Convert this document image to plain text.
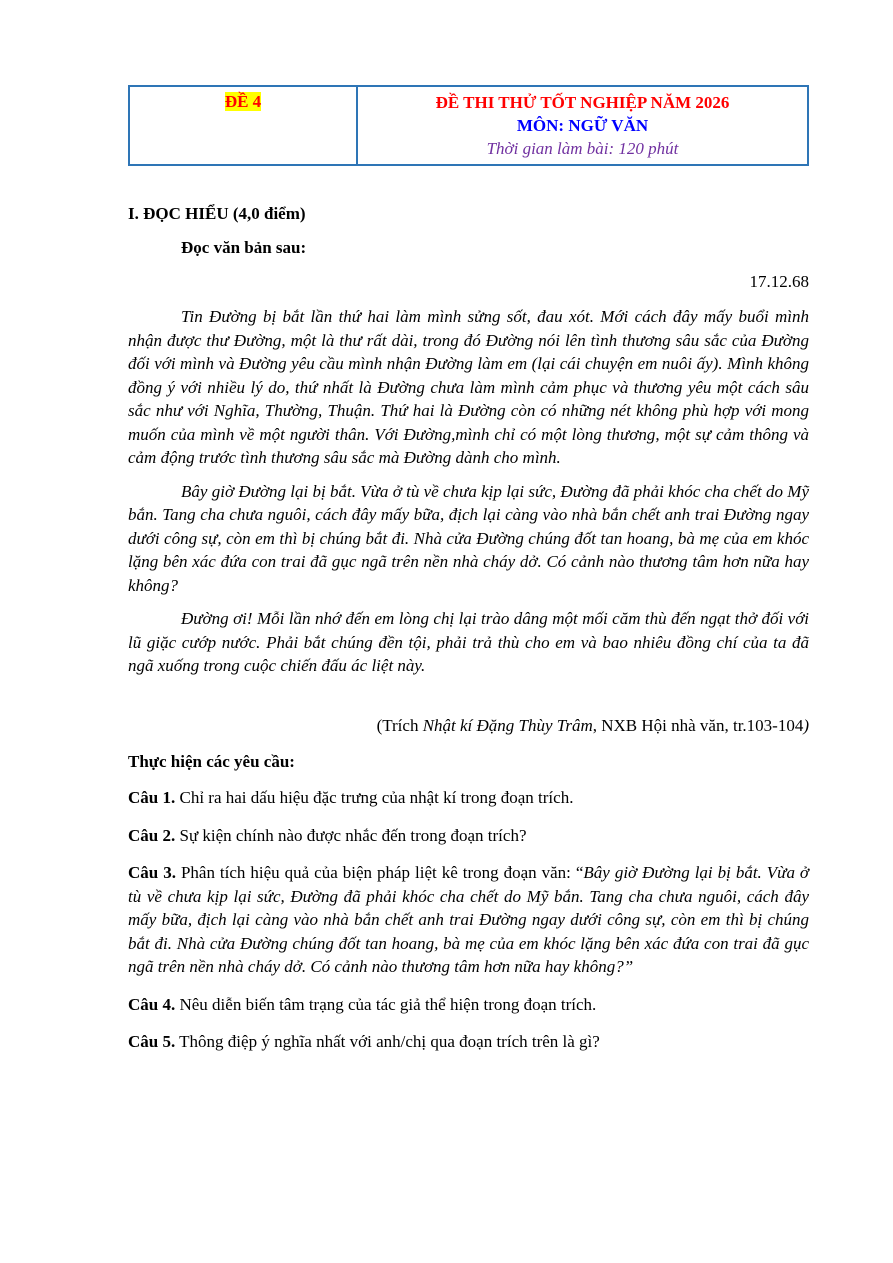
ĐỀ 4	ĐỀ THI THỬ TỐT NGHIỆP NĂM 2026
MÔN: NGỮ VĂN
Thời gian làm bài: 120 phút
I. ĐỌC HIỂU (4,0 điểm)
Đọc văn bản sau:
17.12.68

Tin Đường bị bắt lần thứ hai làm mình sửng sốt, đau xót. Mới cách đây mấy buổi mình nhận được thư Đường, một là thư rất dài, trong đó Đường nói lên tình thương sâu sắc của Đường đối với mình và Đường yêu cầu mình nhận Đường làm em (lại cái chuyện em nuôi ấy). Mình không đồng ý với nhiều lý do, thứ nhất là Đường chưa làm mình cảm phục và thương yêu một cách sâu sắc như với Nghĩa, Thường, Thuận. Thứ hai là Đường còn có những nét không phù hợp với mong muốn của mình về một người thân. Với Đường,mình chỉ có một lòng thương, một sự cảm thông và cảm động trước tình thương sâu sắc mà Đường dành cho mình.

Bây giờ Đường lại bị bắt. Vừa ở tù về chưa kịp lại sức, Đường đã phải khóc cha chết do Mỹ bắn. Tang cha chưa nguôi, cách đây mấy bữa, địch lại càng vào nhà bắn chết anh trai Đường ngay dưới công sự, còn em thì bị chúng bắt đi. Nhà cửa Đường chúng đốt tan hoang, bà mẹ của em khóc lặng bên xác đứa con trai đã gục ngã trên nền nhà cháy dở. Có cảnh nào thương tâm hơn nữa hay không?

Đường ơi! Mỗi lần nhớ đến em lòng chị lại trào dâng một mối căm thù đến ngạt thở đối với lũ giặc cướp nước. Phải bắt chúng đền tội, phải trả thù cho em và bao nhiêu đồng chí của ta đã ngã xuống trong cuộc chiến đấu ác liệt này.

(Trích Nhật kí Đặng Thùy Trâm, NXB Hội nhà văn, tr.103-104)
Thực hiện các yêu cầu:

Câu 1. Chỉ ra hai dấu hiệu đặc trưng của nhật kí trong đoạn trích.

Câu 2. Sự kiện chính nào được nhắc đến trong đoạn trích?

Câu 3. Phân tích hiệu quả của biện pháp liệt kê trong đoạn văn: “Bây giờ Đường lại bị bắt. Vừa ở tù về chưa kịp lại sức, Đường đã phải khóc cha chết do Mỹ bắn. Tang cha chưa nguôi, cách đây mấy bữa, địch lại càng vào nhà bắn chết anh trai Đường ngay dưới công sự, còn em thì bị chúng bắt đi. Nhà cửa Đường chúng đốt tan hoang, bà mẹ của em khóc lặng bên xác đứa con trai đã gục ngã trên nền nhà cháy dở. Có cảnh nào thương tâm hơn nữa hay không?”

Câu 4. Nêu diễn biến tâm trạng của tác giả thể hiện trong đoạn trích.

Câu 5. Thông điệp ý nghĩa nhất với anh/chị qua đoạn trích trên là gì?
